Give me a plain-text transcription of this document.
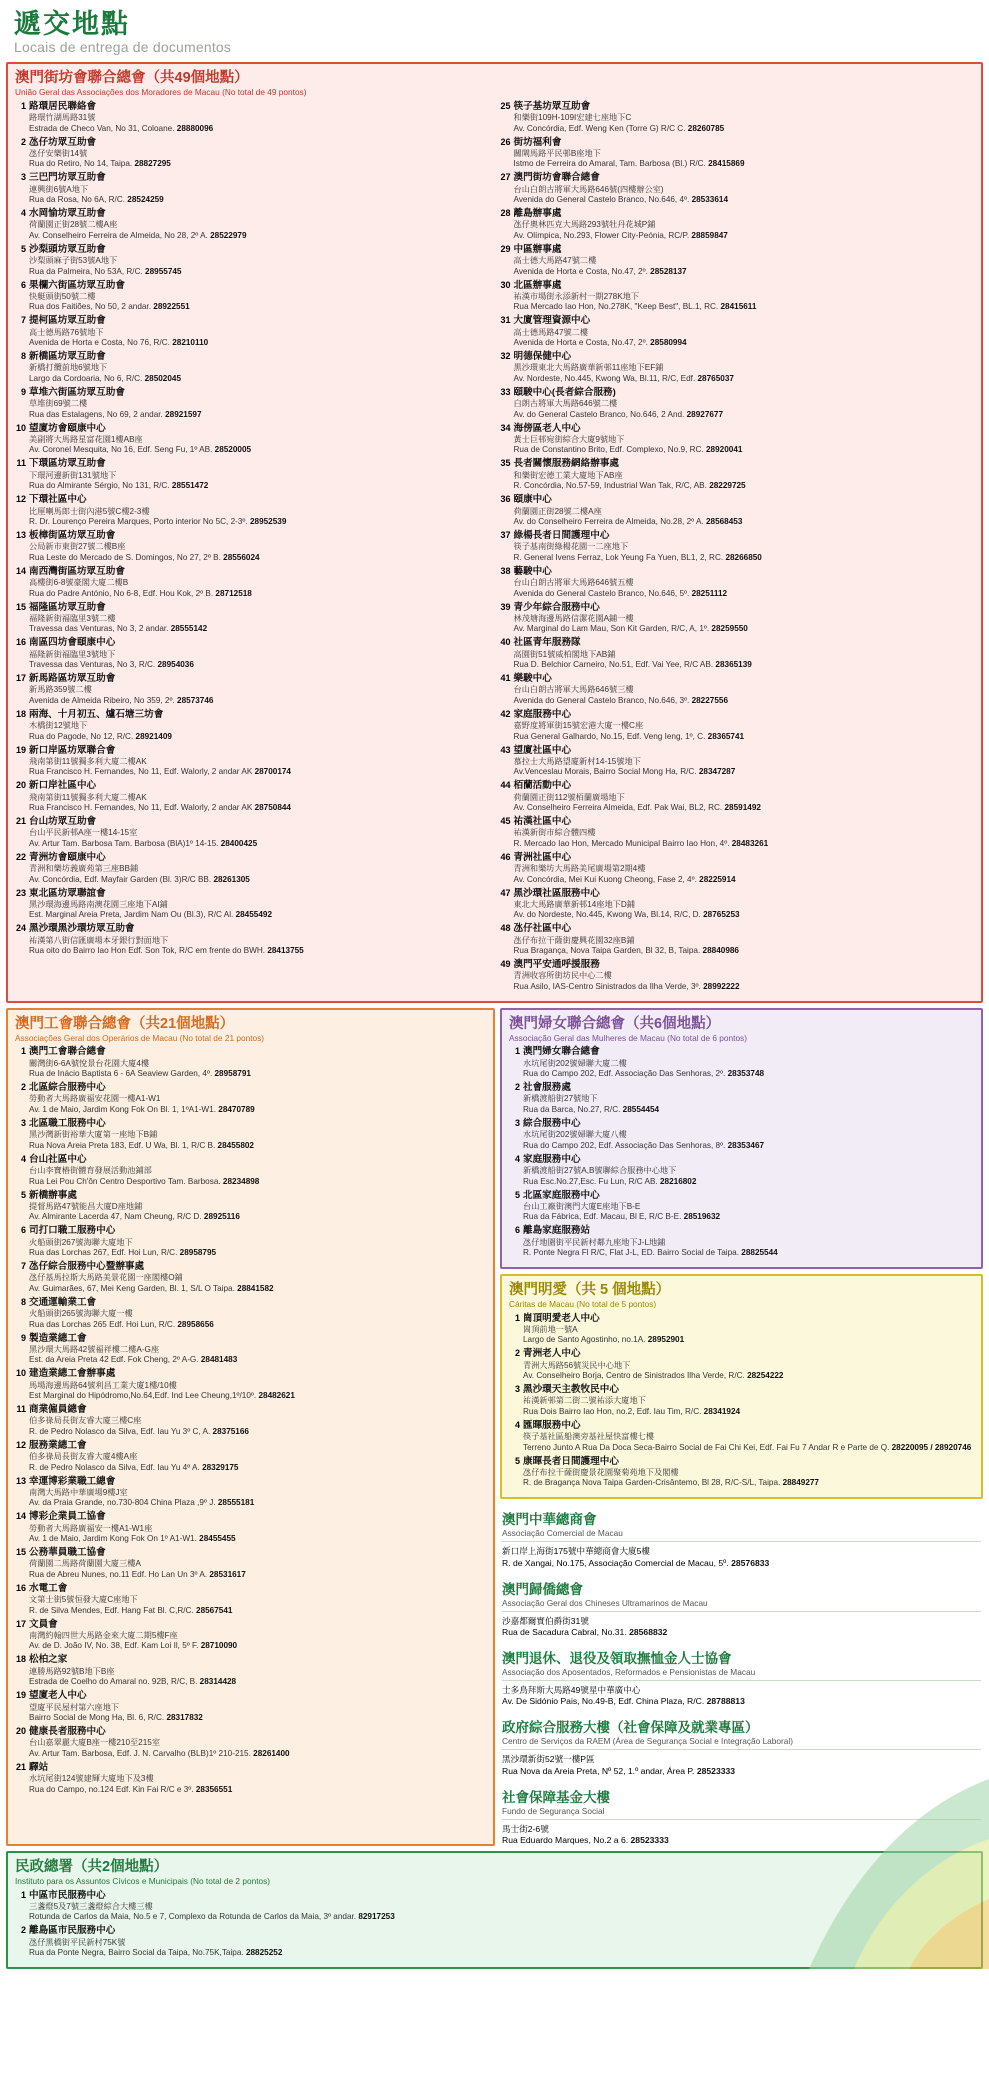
遞交地點
Locais de entrega de documentos
澳門街坊會聯合總會（共49個地點）
União Geral das Associações dos Moradores de Macau (No total de 49 pontos)
1 路環居民聯絡會
路環竹湖馬路31號
Estrada de Checo Van, No 31, Coloane. 28880096
2 氹仔坊眾互助會
氹仔安樂街14號
Rua do Retiro, No 14, Taipa. 28827295
3 三巴門坊眾互助會
連興街6號A地下
Rua da Rosa, No 6A, R/C. 28524259
4 水岡愉坊眾互助會
荷蘭園正街28號二樓A座
Av. Conselheiro Ferreira de Almeida, No 28, 2º A. 28522979
5 沙梨頭坊眾互助會
沙梨頭麻子街53號A地下
Rua da Palmeira, No 53A, R/C. 28955745
6 果欄六街區坊眾互助會
快艇頭街50號二樓
Rua dos Faitiões, No 50, 2 andar. 28922551
7 提柯區坊眾互助會
高士德馬路76號地下
Avenida de Horta e Costa, No 76, R/C. 28210110
8 新橋區坊眾互助會
新橋打纜前地6號地下
Largo da Cordoaria, No 6, R/C. 28502045
9 草堆六街區坊眾互助會
草堆街69號二樓
Rua das Estalagens, No 69, 2 andar. 28921597
10 望廈坊會頤康中心
美副將大馬路星富花園1樓AB座
Av. Coronel Mesquita, No 16, Edf. Seng Fu, 1º AB. 28520005
11 下環區坊眾互助會
下環河邊新街131號地下
Rua do Almirante Sérgio, No 131, R/C. 28551472
12 下環社區中心
比厘喇馬郎士街內港5號C樓2-3樓
R. Dr. Lourenço Pereira Marques, Porto interior No 5C, 2-3º. 28952539
13 板樟街區坊眾互助會
公局新市東街27號二樓B座
Rua Leste do Mercado de S. Domingos, No 27, 2º B. 28556024
14 南西灣街區坊眾互助會
高樓街6-8號豪閣大廈二樓B
Rua do Padre António, No 6-8, Edf. Hou Kok, 2º B. 28712518
15 福隆區坊眾互助會
福隆新街福臨里3號二樓
Travessa das Venturas, No 3, 2 andar. 28555142
16 南區四坊會頤康中心
福隆新街福臨里3號地下
Travessa das Venturas, No 3, R/C. 28954036
17 新馬路區坊眾互助會
新馬路359號二樓
Avenida de Almeida Ribeiro, No 359, 2º. 28573746
18 兩海、十月初五、爐石塘三坊會
木橋街12號地下
Rua do Pagode, No 12, R/C. 28921409
19 新口岸區坊眾聯合會
飛南第街11號獨多利大廈二樓AK
Rua Francisco H. Fernandes, No 11, Edf. Walorly, 2 andar AK 28700174
20 新口岸社區中心
飛南第街11號獨多利大廈二樓AK
Rua Francisco H. Fernandes, No 11, Edf. Walorly, 2 andar AK 28750844
21 台山坊眾互助會
台山平民新邨A座一樓14-15室
Av. Artur Tam. Barbosa Tam. Barbosa (BlA)1º 14-15. 28400425
22 青洲坊會頤康中心
青洲和樂坊義廣苑第三座BB鋪
Av. Concórdia, Edf. Mayfair Garden (Bl. 3)R/C BB. 28261305
23 東北區坊眾聯誼會
黑沙環海邊馬路南澳花園三座地下AI鋪
Est. Marginal Areia Preta, Jardim Nam Ou (Bl.3), R/C Al. 28455492
24 黑沙環黑沙環坊眾互助會
祐漢第八街信匯廣場本牙銀行對面地下
Rua oito do Bairro Iao Hon Edf. Son Tok, R/C em frente do BWH. 28413755
25 筷子基坊眾互助會
和樂街109H-109I宏建七座地下C
Av. Concórdia, Edf. Weng Ken (Torre G) R/C C. 28260785
26 街坊福利會
關閘馬路平民邨B座地下
Istmo de Ferreira do Amaral, Tam. Barbosa (Bl.) R/C. 28415869
27 澳門街坊會聯合總會
台山白朗古將軍大馬路646號(四樓辦公室)
Avenida do General Castelo Branco, No.646, 4º. 28533614
28 離島辦事處
氹仔奧林匹克大馬路293號牡丹花城P鋪
Av. Olímpica, No.293, Flower City-Peónia, RC/P. 28859847
29 中區辦事處
高士德大馬路47號二樓
Avenida de Horta e Costa, No.47, 2º. 28528137
30 北區辦事處
祐漢市場街永添新村一期278K地下
Rua Mercado Iao Hon, No.278K, "Keep Best", BL.1, RC. 28415611
31 大廈管理資源中心
高士德馬路47號二樓
Avenida de Horta e Costa, No.47, 2º. 28580994
32 明德保健中心
黑沙環東北大馬路廣華新邨11座地下EF鋪
Av. Nordeste, No.445, Kwong Wa, Bl.11, R/C, Edf. 28765037
33 頤駿中心(長者綜合服務)
白朗古將軍大馬路646號二樓
Av. do General Castelo Branco, No.646, 2 And. 28927677
34 海傍區老人中心
黃士巨邨宛街綜合大廈9號地下
Rua de Constantino Brito, Edf. Complexo, No.9, RC. 28920041
35 長者關懷服務網絡辦事處
和樂街宏德工業大廈地下AB座
R. Concórdia, No.57-59, Industrial Wan Tak, R/C, AB. 28229725
36 頤康中心
荷蘭園正街28號二樓A座
Av. do Conselheiro Ferreira de Almeida, No.28, 2º A. 28568453
37 綠楊長者日間護理中心
筷子基南街綠楊花園一二座地下
R. General Ivens Ferraz, Lok Yeung Fa Yuen, BL1, 2, RC. 28266850
38 藝駿中心
台山白朗古將軍大馬路646號五樓
Avenida do General Castelo Branco, No.646, 5º. 28251112
39 青少年綜合服務中心
林茂塘海邊馬路信潔花園A鋪一樓
Av. Marginal do Lam Mau, Son Kit Garden, R/C, A, 1º. 28259550
40 社區青年服務隊
高園街51號威柏閣地下AB鋪
Rua D. Belchior Carneiro, No.51, Edf. Vai Yee, R/C AB. 28365139
41 樂駿中心
台山白朗古將軍大馬路646號三樓
Avenida do General Castelo Branco, No.646, 3º. 28227556
42 家庭服務中心
嘉野度將軍街15號宏港大廈一樓C座
Rua General Galhardo, No.15, Edf. Veng Ieng, 1º, C. 28365741
43 望廈社區中心
慕拉士大馬路望廈新村14-15號地下
Av.Venceslau Morais, Bairro Social Mong Ha, R/C. 28347287
44 栢蘭活動中心
荷蘭園正街112號栢蘭廣場地下
Av. Conselheiro Ferreira Almeida, Edf. Pak Wai, BL2, RC. 28591492
45 祐漢社區中心
祐漢新街市綜合體四樓
R. Mercado Iao Hon, Mercado Municipal Bairro Iao Hon, 4º. 28483261
46 青洲社區中心
青洲和樂坊大馬路美尾廣場第2期4樓
Av. Concórdia, Mei Kui Kuong Cheong, Fase 2, 4º. 28225914
47 黑沙環社區服務中心
東北大馬路廣華新邨14座地下D鋪
Av. do Nordeste, No.445, Kwong Wa, Bl.14, R/C, D. 28765253
48 氹仔社區中心
氹仔布拉干薩街慶興花園32座B鋪
Rua Bragança, Nova Taipa Garden, Bl 32, B, Taipa. 28840986
49 澳門平安通呼援服務
青洲收容所街坊民中心二樓
Rua Asilo, IAS-Centro Sinistrados da Ilha Verde, 3º. 28992222
澳門工會聯合總會（共21個地點）
Associações Geral dos Operários de Macau (No total de 21 pontos)
1 澳門工會聯合總會
關灣街6-6A號悅景台花園大廈4樓
Rua de Inácio Baptista 6 - 6A Seaview Garden, 4º. 28958791
2 北區綜合服務中心
勞動者大馬路廣福安花園一樓A1-W1
Av. 1 de Maio, Jardim Kong Fok On Bl. 1, 1ºA1-W1. 28470789
3 北區職工服務中心
黑沙灣新街裕華大廈第一座地下B鋪
Rua Nova Areia Preta 183, Edf. U Wa, Bl. 1, R/C B. 28455802
4 台山社區中心
台山李寶椿街體育發展活動池鋪部
Rua Lei Pou Ch'ôn Centro Desportivo Tam. Barbosa. 28234898
5 新橋辦事處
提督馬路47號能昌大廈D座地鋪
Av. Almirante Lacerda 47, Nam Cheung, R/C D. 28925116
6 司打口職工服務中心
火船頭街267號海聯大廈地下
Rua das Lorchas 267, Edf. Hoi Lun, R/C. 28958795
7 氹仔綜合服務中心暨辦事處
氹仔基馬拉斯大馬路美景花園一座閣樓O鋪
Av. Guimarães, 67, Mei Keng Garden, Bl. 1, S/L O Taipa. 28841582
8 交通運輸業工會
火船頭街265號海聯大廈一樓
Rua das Lorchas 265 Edf. Hoi Lun, R/C. 28958656
9 製造業總工會
黑沙環大馬路42號福祥樓二樓A-G座
Est. da Areia Preta 42 Edf. Fok Cheng, 2º A-G. 28481483
10 建造業總工會辦事處
馬場海邊馬路64號利昌工業大廈1樓/10樓
Est Marginal do Hipódromo,No.64,Edf. Ind Lee Cheung,1º/10º. 28482621
11 商業僱員總會
伯多祿局長街友睿大廈三樓C座
R. de Pedro Nolasco da Silva, Edf. Iau Yu 3º C, A. 28375166
12 服務業總工會
伯多祿局長街友睿大廈4樓A座
R. de Pedro Nolasco da Silva, Edf. Iau Yu 4º A. 28329175
13 幸運博彩業職工總會
南灣大馬路中華廣場9樓J室
Av. da Praia Grande, no.730-804 China Plaza ,9º J. 28555181
14 博彩企業員工協會
勞動者大馬路廣福安一樓A1-W1座
Av. 1 de Maio, Jardim Kong Fok On 1º A1-W1. 28455455
15 公務華員職工協會
荷蘭園二馬路荷蘭園大廈三樓A
Rua de Abreu Nunes, no.11 Edf. Ho Lan Un 3º A. 28531617
16 水電工會
文第士街5號恒發大廈C座地下
R. de Silva Mendes, Edf. Hang Fat Bl. C,R/C. 28567541
17 文員會
南灣約翰四世大馬路金來大廈二期5樓F座
Av. de D. João IV, No. 38, Edf. Kam Loi Il, 5º F. 28710090
18 松柏之家
連勝馬路92號B地下B座
Estrada de Coelho do Amaral no. 92B, R/C, B. 28314428
19 望廈老人中心
望廈平民屋村第六座地下
Bairro Social de Mong Ha, Bl. 6, R/C. 28317832
20 健康長者服務中心
台山嘉翠麗大廈B座一樓210至215室
Av. Artur Tam. Barbosa, Edf. J. N. Carvalho (BLB)1º 210-215. 28261400
21 驛站
水坑尾街124號建輝大廈地下及3樓
Rua do Campo, no.124 Edf. Kin Fai R/C e 3º. 28356551
澳門婦女聯合總會（共6個地點）
Associação Geral das Mulheres de Macau (No total de 6 pontos)
1 澳門婦女聯合總會
水坑尾街202號婦聯大廈二樓
Rua do Campo 202, Edf. Associação Das Senhoras, 2º. 28353748
2 社會服務處
新橋渡船街27號地下
Rua da Barca, No.27, R/C. 28554454
3 綜合服務中心
水坑尾街202號婦聯大廈八樓
Rua do Campo 202, Edf. Associação Das Senhoras, 8º. 28353467
4 家庭服務中心
新橋渡船街27號A,B號聯綜合服務中心地下
Rua Esc.No.27,Esc. Fu Lun, R/C AB. 28216802
5 北區家庭服務中心
台山工廠街澳門大廈E座地下B-E
Rua da Fábrica, Edf. Macau, Bl E, R/C B-E. 28519632
6 離島家庭服務站
氹仔地圍街平民新村鄰九座地下J-L地鋪
R. Ponte Negra Fl R/C, Flat J-L, ED. Bairro Social de Taipa. 28825544
澳門明愛（共 5 個地點）
Cáritas de Macau (No total de 5 pontos)
1 崗頂明愛老人中心
崗頂前地一號A
Largo de Santo Agostinho, no.1A. 28952901
2 青洲老人中心
青洲大馬路56號災民中心地下
Av. Conselheiro Borja, Centro de Sinistrados Ilha Verde, R/C. 28254222
3 黑沙環天主教牧民中心
祐漢新邨第二街二號祐添大廈地下
Rua Dois Bairro Iao Hon, no.2, Edf. Iau Tim, R/C. 28341924
4 匯暉服務中心
筷子基社區船澳旁基社屋快富樓七樓
Terreno Junto A Rua Da Doca Seca-Bairro Social de Fai Chi Kei, Edf. Fai Fu 7 Andar R e Parte de Q. 28220095 / 28920746
5 康暉長者日間護理中心
氹仔布拉干薩街慶景花園聚菊苑地下及閣樓
R. de Bragança Nova Taipa Garden-Crisântemo, Bl 28, R/C-S/L, Taipa. 28849277
澳門中華總商會
Associação Comercial de Macau
新口岸上海街175號中華總商會大廈5樓
R. de Xangai, No.175, Associação Comercial de Macau, 5º. 28576833
澳門歸僑總會
Associação Geral dos Chineses Ultramarinos de Macau
沙嘉都爾實伯爵街31號
Rua de Sacadura Cabral, No.31. 28568832
澳門退休、退役及領取撫恤金人士協會
Associação dos Aposentados, Reformados e Pensionistas de Macau
士多鳥拜斯大馬路49號星中華廣中心
Av. De Sidónio Pais, No.49-B, Edf. China Plaza, R/C. 28788813
政府綜合服務大樓（社會保障及就業專區）
Centro de Serviços da RAEM (Área de Segurança Social e Integração Laboral)
黑沙環新街52號一樓P區
Rua Nova da Areia Preta, Nº 52, 1.º andar, Área P. 28523333
社會保障基金大樓
Fundo de Segurança Social
馬士街2-6號
Rua Eduardo Marques, No.2 a 6. 28523333
民政總署（共2個地點）
Instituto para os Assuntos Cívicos e Municipais (No total de 2 pontos)
1 中區市民服務中心
三盞燈5及7號三盞燈綜合大樓三樓
Rotunda de Carlos da Maia, No.5 e 7, Complexo da Rotunda de Carlos da Maia, 3º andar. 82917253
2 離島區市民服務中心
氹仔黑橋街平民新村75K號
Rua da Ponte Negra, Bairro Social da Taipa, No.75K,Taipa. 28825252
